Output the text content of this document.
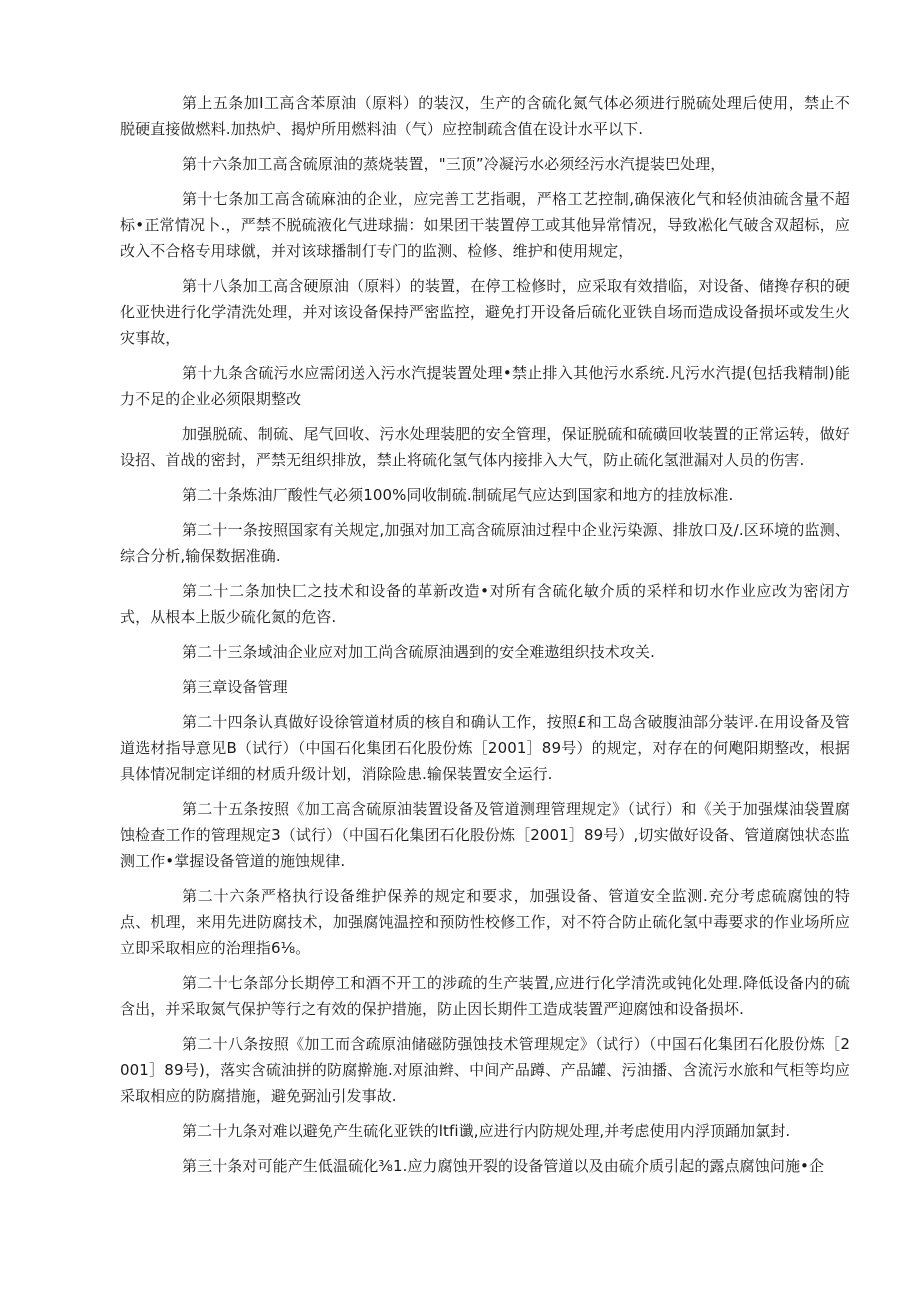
第上五条加I工高含苯原油（原料）的装汉，生产的含硫化氮气体必须进行脱硫处理后使用，禁止不脱硬直接做燃料.加热炉、揭炉所用燃料油（气）应控制疏含值在设计水平以下.

第十六条加工高含硫原油的蒸烧装置，"三顶”冷凝污水必须经污水汽提装巴处理，

第十七条加工高含硫麻油的企业，应完善工艺指覗，严格工艺控制,确保液化气和轻侦油硫含量不超标•正常情况卜.，严禁不脱硫液化气进球揣：如果团干装置停工或其他异常情况，导致凇化气破含双超标，应改入不合格专用球僦，并对该球播制仃专门的监测、检修、维护和使用规定，

第十八条加工高含硬原油（原料）的装置，在停工检修时，应采取有效措临，对设备、储搀存积的硬化亚快进行化学清洗处理，并对该设备保持严密监控，避免打开设备后硫化亚铁自场而造成设备损坏或发生火灾事故，

第十九条含硫污水应需闭送入污水汽提装置处理•禁止排入其他污水系统.凡污水汽提(包括我精制)能力不足的企业必须限期整改

加强脱硫、制硫、尾气回收、污水处理装肥的安全管理，保证脱硫和硫磺回收装置的正常运转，做好设招、首战的密封，严禁无组织排放，禁止将硫化氢气体内接排入大气，防止硫化氢泄漏对人员的伤害.

第二十条炼油厂酸性气必须100%同收制硫.制硫尾气应达到国家和地方的挂放标准.

第二十一条按照国家有关规定,加强对加工高含硫原油过程中企业污染源、排放口及/.区环境的监测、综合分析,输保数据准确.

第二十二条加快匚之技术和设备的革新改造•对所有含硫化敏介质的采样和切水作业应改为密闭方式，从根本上版少硫化氮的危咨.

第二十三条域油企业应对加工尚含硫原油遇到的安全难遨组织技术攻关.

第三章设备管理

第二十四条认真做好设徐管道材质的核自和确认工作，按照£和工岛含破腹油部分装评.在用设备及管道选材指导意见B（试行）（中国石化集团石化股份炼［2001］89号）的规定，对存在的何飑阳期整改，根据具体情况制定详细的材质升级计划，消除险患.输保装置安全运行.

第二十五条按照《加工高含硫原油装置设备及管道测理管理规定》（试行）和《关于加强煤油袋置腐蚀检查工作的管理规定3（试行）（中国石化集团石化股份炼［2001］89号）,切实做好设备、管道腐蚀状态监测工作•掌握设备管道的施蚀规律.

第二十六条严格执行设备维护保养的规定和要求，加强设备、管道安全监测.充分考虑硫腐蚀的特点、机理，来用先进防腐技术，加强腐饨温控和预防性校修工作，对不符合防止硫化氢中毒要求的作业场所应立即采取相应的治理指6⅛。

第二十七条部分长期停工和酒不开工的涉疏的生产装置,应进行化学清洗或钝化处理.降低设备内的硫含出，并采取氮气保护等行之有效的保护措施，防止因长期件工造成装置严迎腐蚀和设备损坏.

第二十八条按照《加工而含疏原油储磁防强蚀技术管理规定》（试行）（中国石化集团石化股份炼［2001］89号)，落实含硫油拼的防腐擀施.对原油辫、中间产品蹲、产品罐、污油播、含流污水旅和气柜等均应采取相应的防腐措施，避免弼汕引发事故.

第二十九条对难以避免产生硫化亚铁的ltfi谶,应进行内防规处理,并考虑使用内浮顶踊加氯封.

第三十条对可能产生低温硫化⅜1.应力腐蚀开裂的设备管道以及由硫介质引起的露点腐蚀问施•企
